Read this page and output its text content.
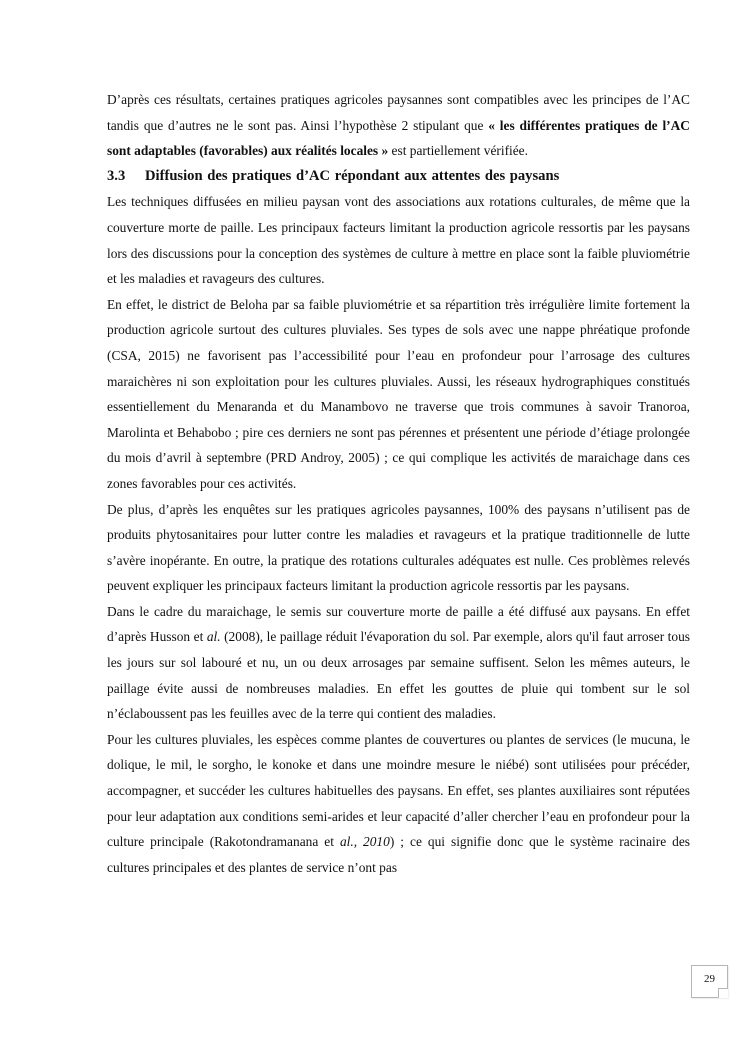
D’après ces résultats, certaines pratiques agricoles paysannes sont compatibles avec les principes de l’AC tandis que d’autres ne le sont pas. Ainsi l’hypothèse 2 stipulant que « les différentes pratiques de l’AC sont adaptables (favorables) aux réalités locales » est partiellement vérifiée.

3.3 Diffusion des pratiques d’AC répondant aux attentes des paysans

Les techniques diffusées en milieu paysan vont des associations aux rotations culturales, de même que la couverture morte de paille. Les principaux facteurs limitant la production agricole ressortis par les paysans lors des discussions pour la conception des systèmes de culture à mettre en place sont la faible pluviométrie et les maladies et ravageurs des cultures.

En effet, le district de Beloha par sa faible pluviométrie et sa répartition très irrégulière limite fortement la production agricole surtout des cultures pluviales. Ses types de sols avec une nappe phréatique profonde (CSA, 2015) ne favorisent pas l’accessibilité pour l’eau en profondeur pour l’arrosage des cultures maraichères ni son exploitation pour les cultures pluviales. Aussi, les réseaux hydrographiques constitués essentiellement du Menaranda et du Manambovo ne traverse que trois communes à savoir Tranoroa, Marolinta et Behabobo ; pire ces derniers ne sont pas pérennes et présentent une période d’étiage prolongée du mois d’avril à septembre (PRD Androy, 2005) ; ce qui complique les activités de maraichage dans ces zones favorables pour ces activités.

De plus, d’après les enquêtes sur les pratiques agricoles paysannes, 100% des paysans n’utilisent pas de produits phytosanitaires pour lutter contre les maladies et ravageurs et la pratique traditionnelle de lutte s’avère inopérante. En outre, la pratique des rotations culturales adéquates est nulle. Ces problèmes relevés peuvent expliquer les principaux facteurs limitant la production agricole ressortis par les paysans.

Dans le cadre du maraichage, le semis sur couverture morte de paille a été diffusé aux paysans. En effet d’après Husson et al. (2008), le paillage réduit l'évaporation du sol. Par exemple, alors qu'il faut arroser tous les jours sur sol labouré et nu, un ou deux arrosages par semaine suffisent. Selon les mêmes auteurs, le paillage évite aussi de nombreuses maladies. En effet les gouttes de pluie qui tombent sur le sol n’éclaboussent pas les feuilles avec de la terre qui contient des maladies.

Pour les cultures pluviales, les espèces comme plantes de couvertures ou plantes de services (le mucuna, le dolique, le mil, le sorgho, le konoke et dans une moindre mesure le niébé) sont utilisées pour précéder, accompagner, et succéder les cultures habituelles des paysans. En effet, ses plantes auxiliaires sont réputées pour leur adaptation aux conditions semi-arides et leur capacité d’aller chercher l’eau en profondeur pour la culture principale (Rakotondramanana et al., 2010) ; ce qui signifie donc que le système racinaire des cultures principales et des plantes de service n’ont pas

29
